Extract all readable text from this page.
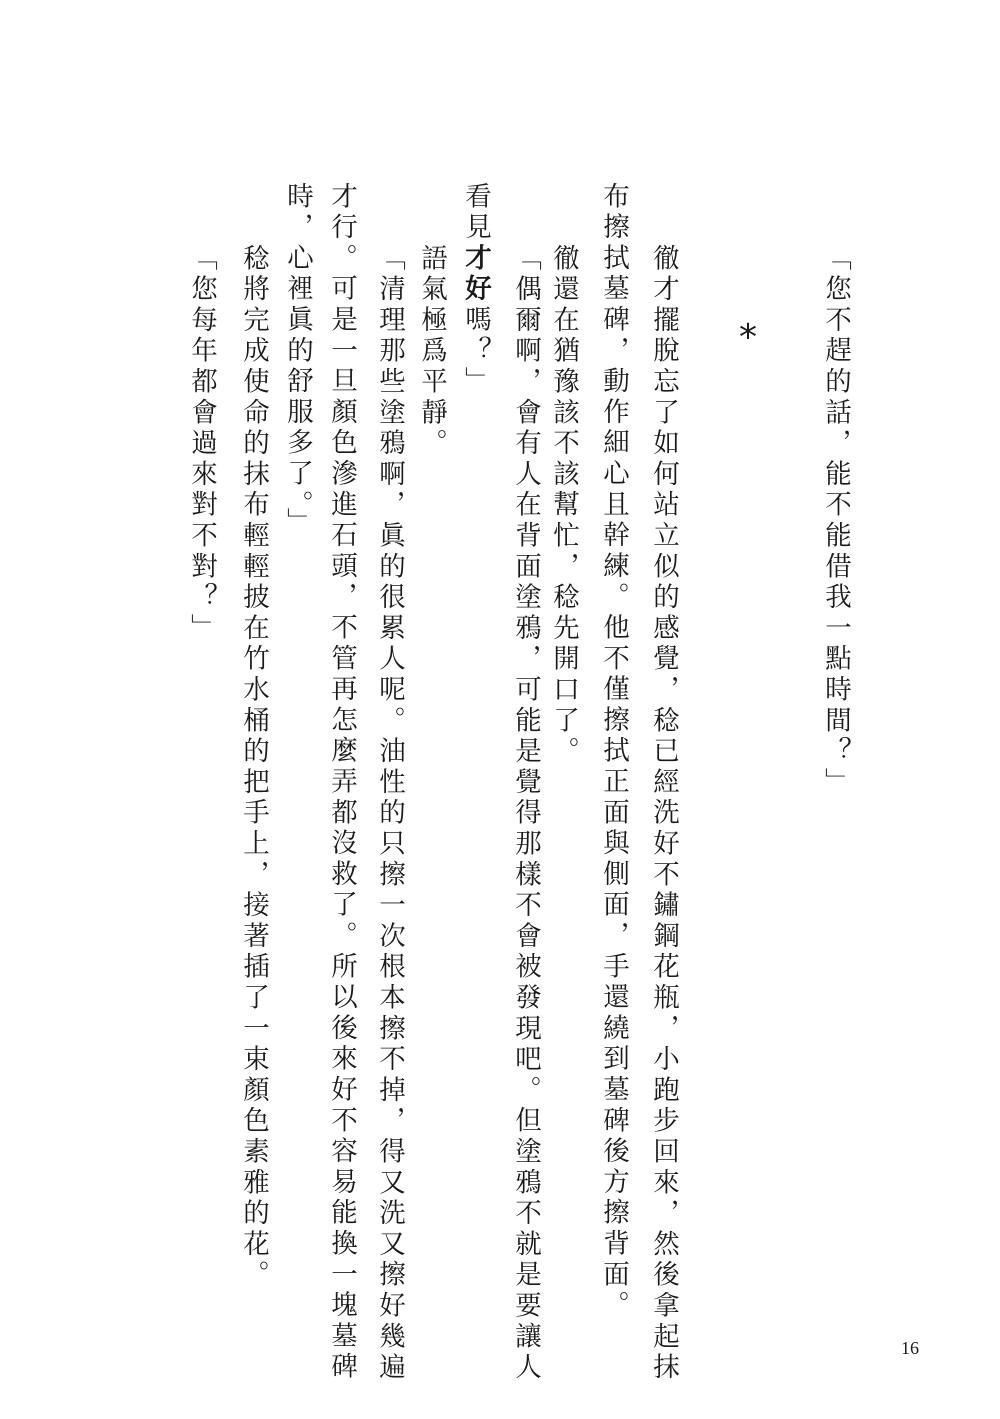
「您不趕的話，能不能借我一點時間？」
*
徹才擺脫忘了如何站立似的感覺，稔已經洗好不鏽鋼花瓶，小跑步回來，然後拿起抹
布擦拭墓碑，動作細心且幹練。他不僅擦拭正面與側面，手還繞到墓碑後方擦背面。
徹還在猶豫該不該幫忙，稔先開口了。
「偶爾啊，會有人在背面塗鴉，可能是覺得那樣不會被發現吧。但塗鴉不就是要讓人
看見才好嗎？」
語氣極爲平靜。
「清理那些塗鴉啊，眞的很累人呢。油性的只擦一次根本擦不掉，得又洗又擦好幾遍
才行。可是一旦顏色滲進石頭，不管再怎麼弄都沒救了。所以後來好不容易能換一塊墓碑
時，心裡眞的舒服多了。」
稔將完成使命的抹布輕輕披在竹水桶的把手上，接著插了一束顏色素雅的花。
「您每年都會過來對不對？」
16
